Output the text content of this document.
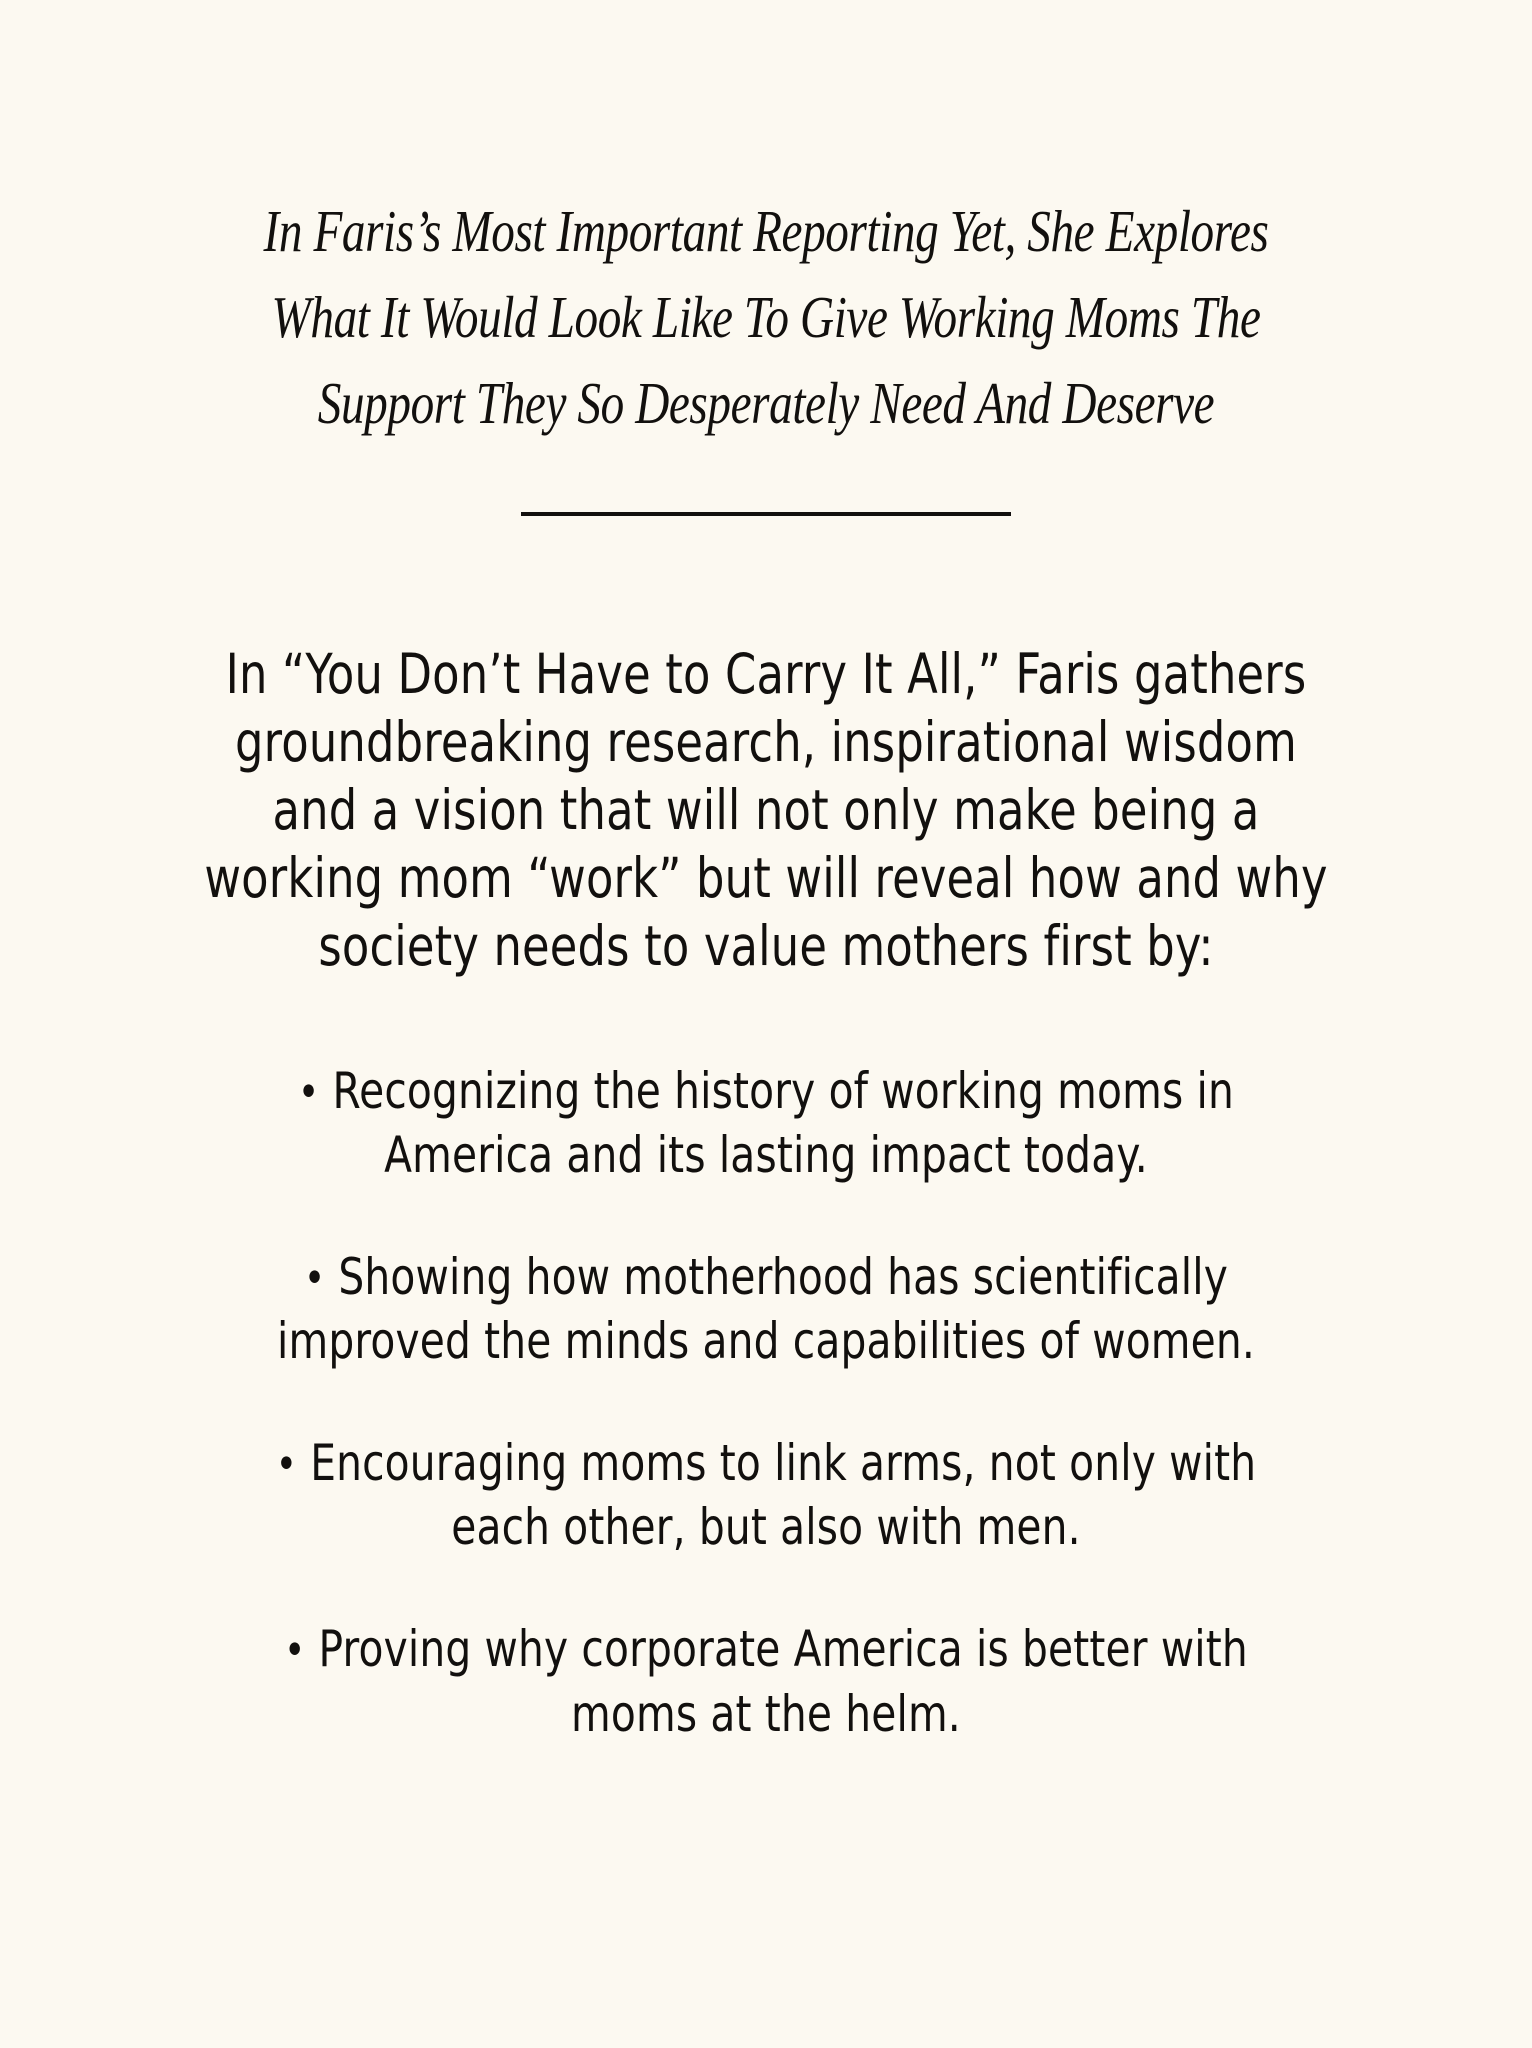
In Faris’s Most Important Reporting Yet, She Explores
What It Would Look Like To Give Working Moms The
Support They So Desperately Need And Deserve
In “You Don’t Have to Carry It All,” Faris gathers
groundbreaking research, inspirational wisdom
and a vision that will not only make being a
working mom “work” but will reveal how and why
society needs to value mothers first by:
• Recognizing the history of working moms in
America and its lasting impact today.
• Showing how motherhood has scientifically
improved the minds and capabilities of women.
• Encouraging moms to link arms, not only with
each other, but also with men.
• Proving why corporate America is better with
moms at the helm.
